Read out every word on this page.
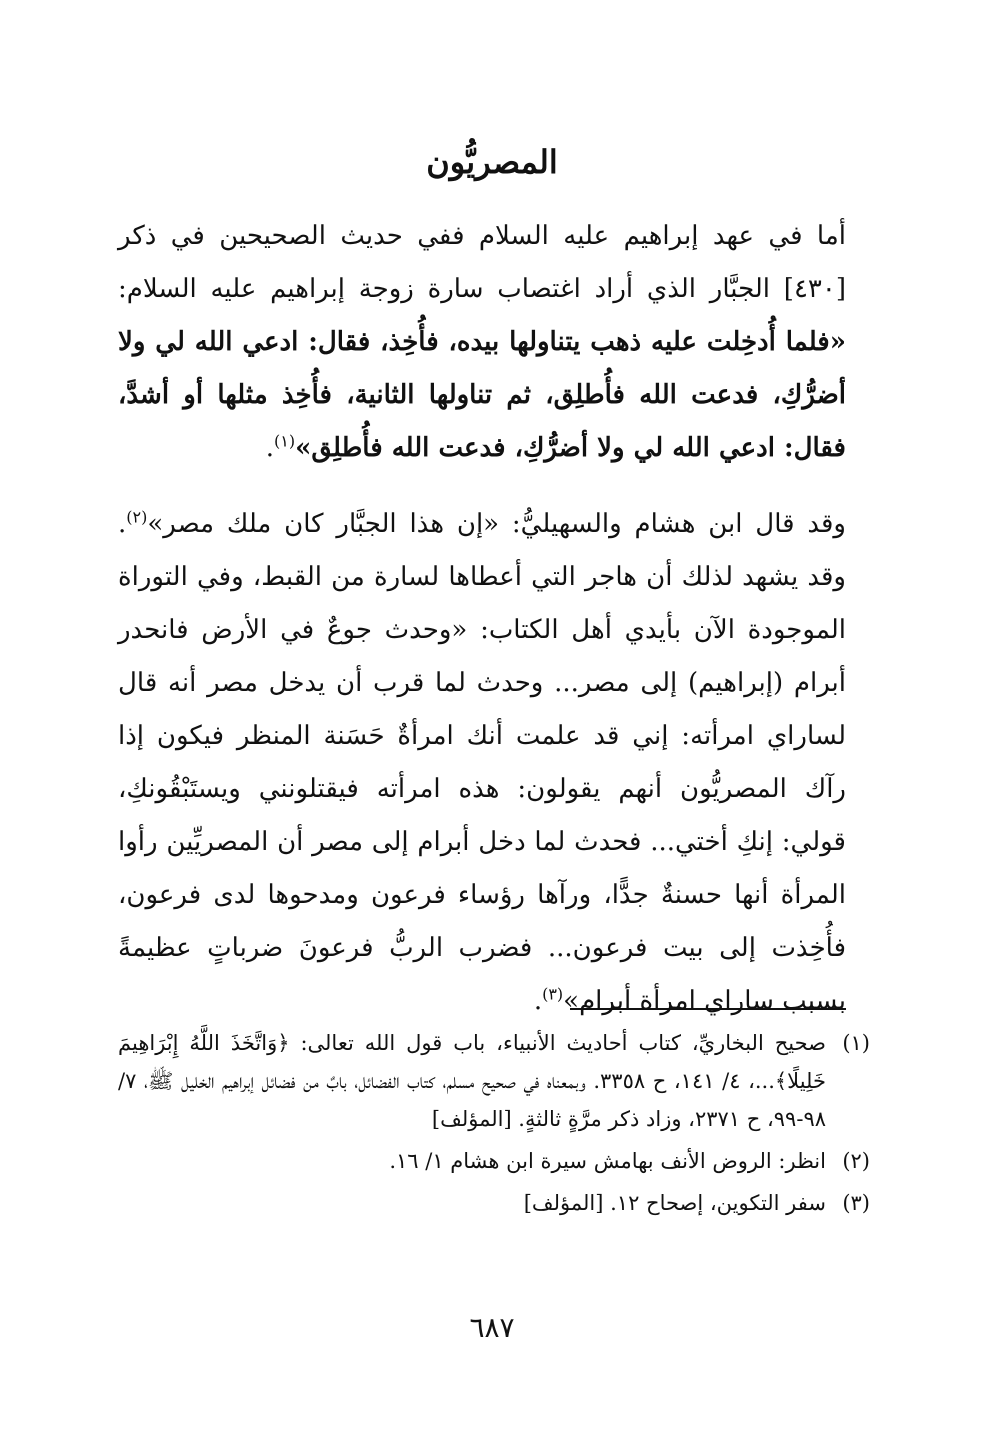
المصريُّون
أما في عهد إبراهيم عليه السلام ففي حديث الصحيحين في ذكر [٤٣٠] الجبَّار الذي أراد اغتصاب سارة زوجة إبراهيم عليه السلام: «فلما أُدخِلت عليه ذهب يتناولها بيده، فأُخِذ، فقال: ادعي الله لي ولا أضرُّكِ، فدعت الله فأُطلِق، ثم تناولها الثانية، فأُخِذ مثلها أو أشدَّ، فقال: ادعي الله لي ولا أضرُّكِ، فدعت الله فأُطلِق»$^{(١)}$.
وقد قال ابن هشام والسهيليُّ: «إن هذا الجبَّار كان ملك مصر»$^{(٢)}$. وقد يشهد لذلك أن هاجر التي أعطاها لسارة من القبط، وفي التوراة الموجودة الآن بأيدي أهل الكتاب: «وحدث جوعٌ في الأرض فانحدر أبرام (إبراهيم) إلى مصر... وحدث لما قرب أن يدخل مصر أنه قال لساراي امرأته: إني قد علمت أنك امرأةٌ حَسَنة المنظر فيكون إذا رآك المصريُّون أنهم يقولون: هذه امرأته فيقتلونني ويستَبْقُونكِ، قولي: إنكِ أختي... فحدث لما دخل أبرام إلى مصر أن المصريِّين رأوا المرأة أنها حسنةٌ جدًّا، ورآها رؤساء فرعون ومدحوها لدى فرعون، فأُخِذت إلى بيت فرعون... فضرب الربُّ فرعونَ ضرباتٍ عظيمةً بسبب ساراي امرأة أبرام»$^{(٣)}$.
(١)
صحيح البخاريِّ، كتاب أحاديث الأنبياء، باب قول الله تعالى: ﴿وَاتَّخَذَ اللَّهُ إِبْرَاهِيمَ خَلِيلًا﴾...، ٤/ ١٤١، ح ٣٣٥٨. وبمعناه في صحيح مسلم، كتاب الفضائل، بابٌ من فضائل إبراهيم الخليل ﷺ، ٧/ ٩٨-٩٩، ح ٢٣٧١، وزاد ذكر مرَّةٍ ثالثةٍ. [المؤلف]
(٢)
انظر: الروض الأنف بهامش سيرة ابن هشام ١/ ١٦.
(٣)
سفر التكوين، إصحاح ١٢. [المؤلف]
٦٨٧
